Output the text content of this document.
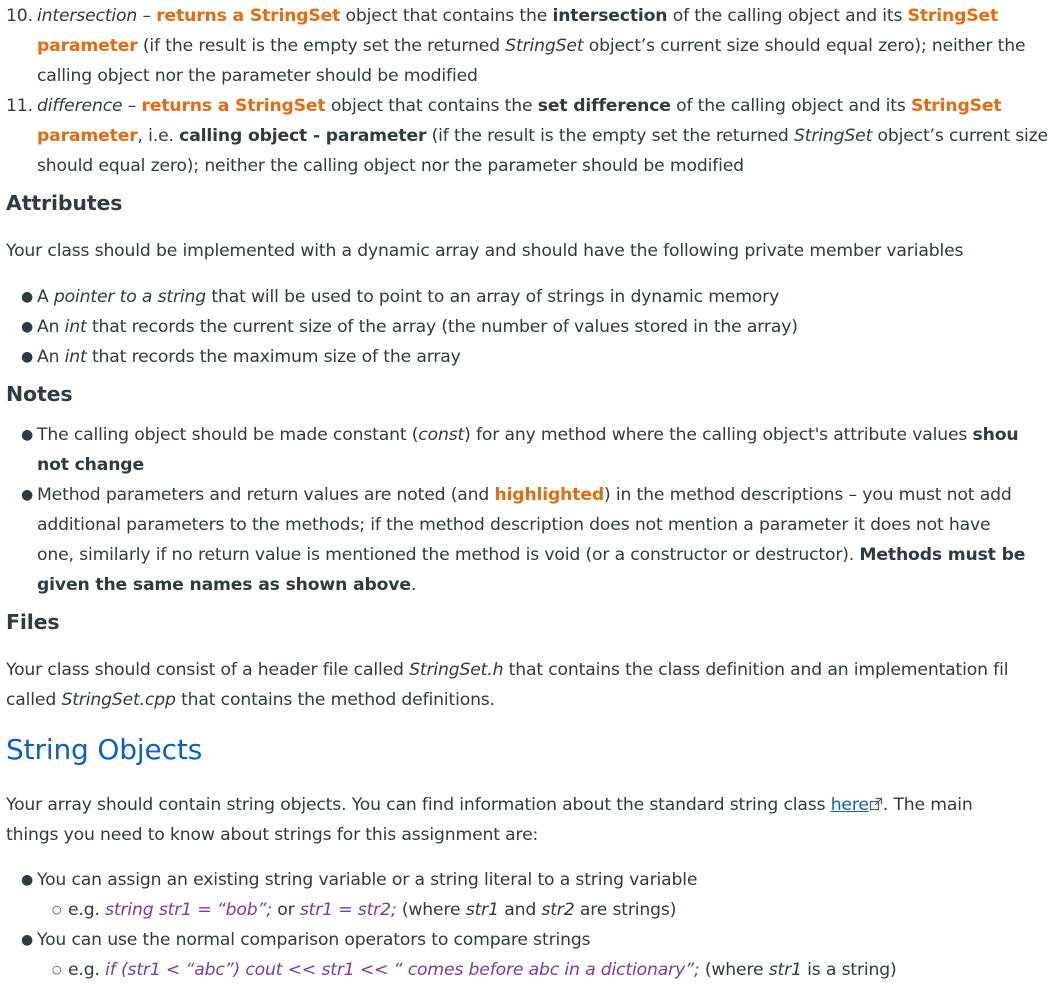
10. intersection – returns a StringSet object that contains the intersection of the calling object and its StringSet
parameter (if the result is the empty set the returned StringSet object’s current size should equal zero); neither the
calling object nor the parameter should be modified
11. difference – returns a StringSet object that contains the set difference of the calling object and its StringSet
parameter, i.e. calling object - parameter (if the result is the empty set the returned StringSet object’s current size
should equal zero); neither the calling object nor the parameter should be modified
Attributes
Your class should be implemented with a dynamic array and should have the following private member variables
● A pointer to a string that will be used to point to an array of strings in dynamic memory
● An int that records the current size of the array (the number of values stored in the array)
● An int that records the maximum size of the array
Notes
● The calling object should be made constant (const) for any method where the calling object's attribute values shou
not change
● Method parameters and return values are noted (and highlighted) in the method descriptions – you must not add
additional parameters to the methods; if the method description does not mention a parameter it does not have
one, similarly if no return value is mentioned the method is void (or a constructor or destructor). Methods must be
given the same names as shown above.
Files
Your class should consist of a header file called StringSet.h that contains the class definition and an implementation fil
called StringSet.cpp that contains the method definitions.
String Objects
Your array should contain string objects. You can find information about the standard string class here . The main
things you need to know about strings for this assignment are:
● You can assign an existing string variable or a string literal to a string variable
○ e.g. string str1 = “bob”; or str1 = str2; (where str1 and str2 are strings)
● You can use the normal comparison operators to compare strings
○ e.g. if (str1 < “abc”) cout << str1 << “ comes before abc in a dictionary”; (where str1 is a string)
